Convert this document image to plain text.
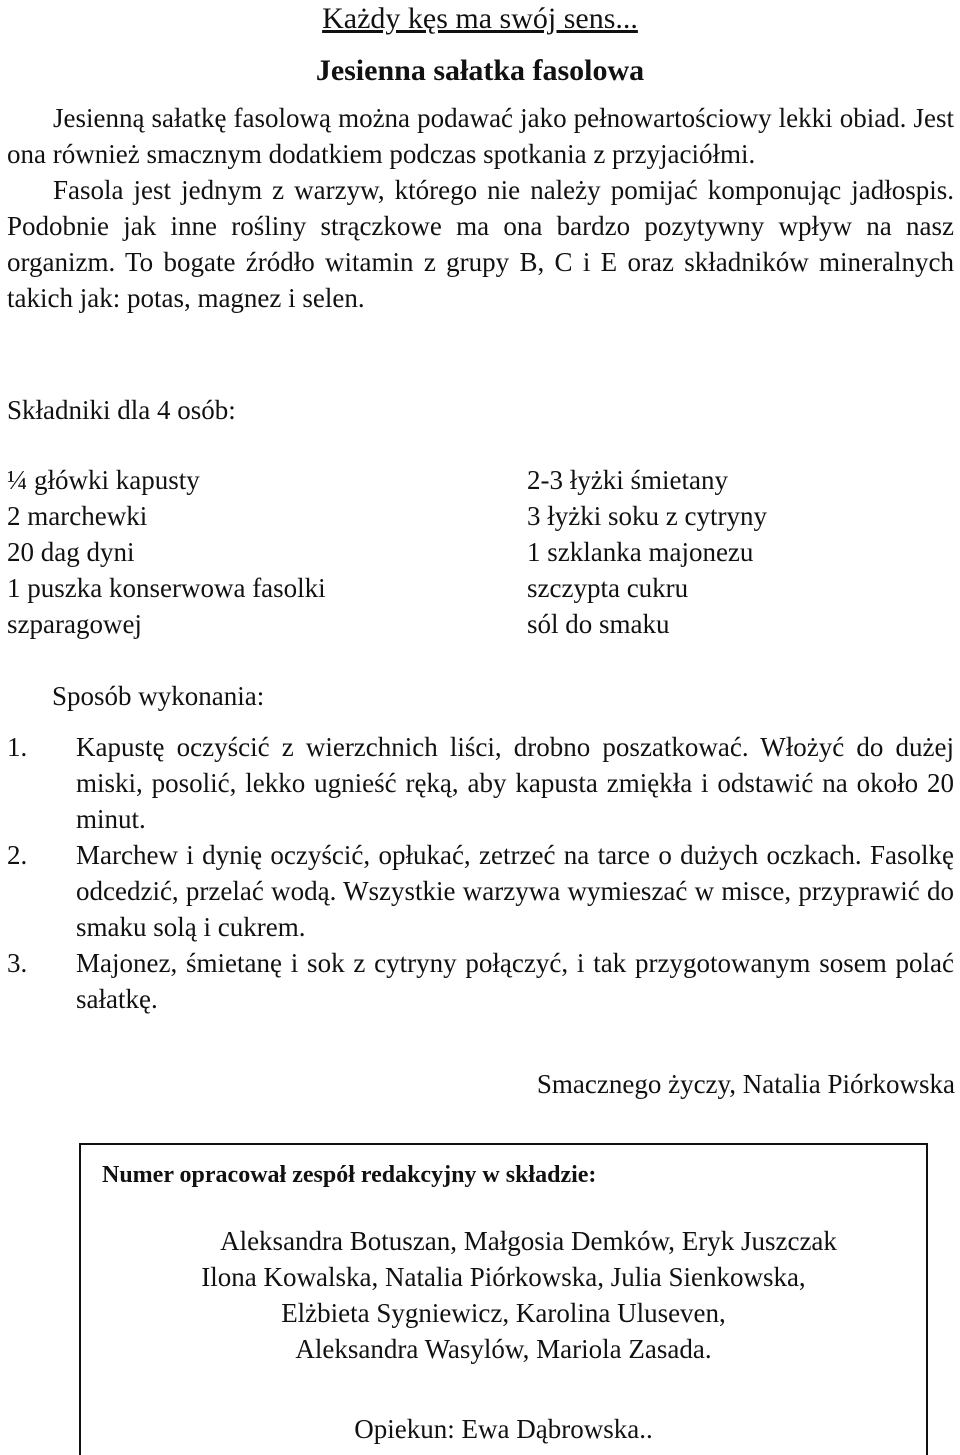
Każdy kęs ma swój sens...
Jesienna sałatka fasolowa

Jesienną sałatkę fasolową można podawać jako pełnowartościowy lekki obiad. Jest ona również smacznym dodatkiem podczas spotkania z przyjaciółmi.

Fasola jest jednym z warzyw, którego nie należy pomijać komponując jadłospis. Podobnie jak inne rośliny strączkowe ma ona bardzo pozytywny wpływ na nasz organizm. To bogate źródło witamin z grupy B, C i E oraz składników mineralnych takich jak: potas, magnez i selen.

Składniki dla 4 osób:
¼ główki kapusty
2 marchewki
20 dag dyni
1 puszka konserwowa fasolki szparagowej
2-3 łyżki śmietany
3 łyżki soku z cytryny
1 szklanka majonezu
szczypta cukru
sól do smaku
Sposób wykonania:
1.	Kapustę oczyścić z wierzchnich liści, drobno poszatkować. Włożyć do dużej miski, posolić, lekko ugnieść ręką, aby kapusta zmiękła i odstawić na około 20 minut.
2.	Marchew i dynię oczyścić, opłukać, zetrzeć na tarce o dużych oczkach. Fasolkę odcedzić, przelać wodą. Wszystkie warzywa wymieszać w misce, przyprawić do smaku solą i cukrem.
3.	Majonez, śmietanę i sok z cytryny połączyć, i tak przygotowanym sosem polać sałatkę.
Smacznego życzy, Natalia Piórkowska
Numer opracował zespół redakcyjny w składzie:
Aleksandra Botuszan, Małgosia Demków, Eryk Juszczak
Ilona Kowalska, Natalia Piórkowska, Julia Sienkowska,
Elżbieta Sygniewicz, Karolina Uluseven,
Aleksandra Wasylów, Mariola Zasada.
Opiekun: Ewa Dąbrowska..
